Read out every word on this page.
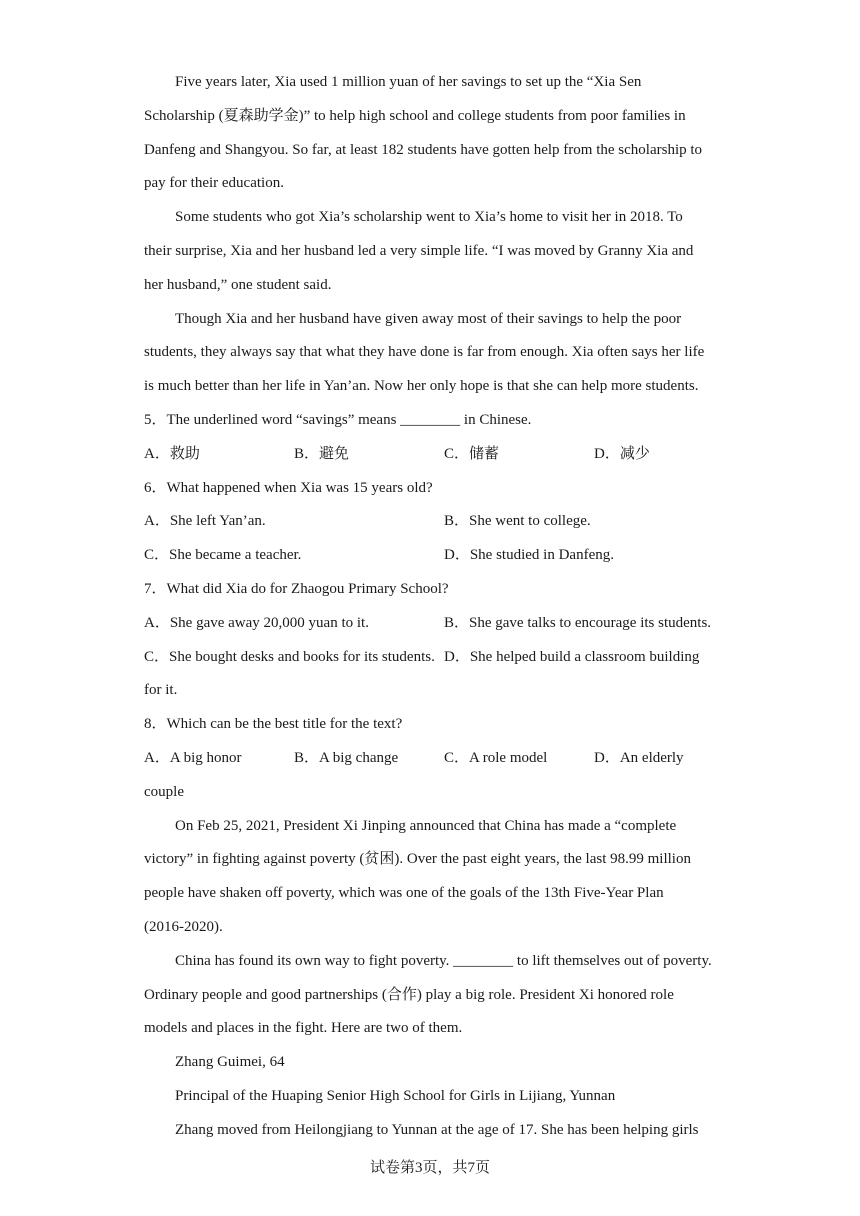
Five years later, Xia used 1 million yuan of her savings to set up the “Xia Sen
Scholarship (夏森助学金)” to help high school and college students from poor families in
Danfeng and Shangyou. So far, at least 182 students have gotten help from the scholarship to
pay for their education.
Some students who got Xia’s scholarship went to Xia’s home to visit her in 2018. To
their surprise, Xia and her husband led a very simple life. “I was moved by Granny Xia and
her husband,” one student said.
Though Xia and her husband have given away most of their savings to help the poor
students, they always say that what they have done is far from enough. Xia often says her life
is much better than her life in Yan’an. Now her only hope is that she can help more students.
5．The underlined word “savings” means ________ in Chinese.
A．救助	B．避免	C．储蓄	D．减少
6．What happened when Xia was 15 years old?
A．She left Yan’an.	B．She went to college.
C．She became a teacher.	D．She studied in Danfeng.
7．What did Xia do for Zhaogou Primary School?
A．She gave away 20,000 yuan to it.	B．She gave talks to encourage its students.
C．She bought desks and books for its students. D．She helped build a classroom building
for it.
8．Which can be the best title for the text?
A．A big honor	B．A big change	C．A role model	D．An elderly
couple
On Feb 25, 2021, President Xi Jinping announced that China has made a “complete
victory” in fighting against poverty (贫困). Over the past eight years, the last 98.99 million
people have shaken off poverty, which was one of the goals of the 13th Five-Year Plan
(2016-2020).
China has found its own way to fight poverty. ________ to lift themselves out of poverty.
Ordinary people and good partnerships (合作) play a big role. President Xi honored role
models and places in the fight. Here are two of them.
Zhang Guimei, 64
Principal of the Huaping Senior High School for Girls in Lijiang, Yunnan
Zhang moved from Heilongjiang to Yunnan at the age of 17. She has been helping girls
试卷第3页，共7页
